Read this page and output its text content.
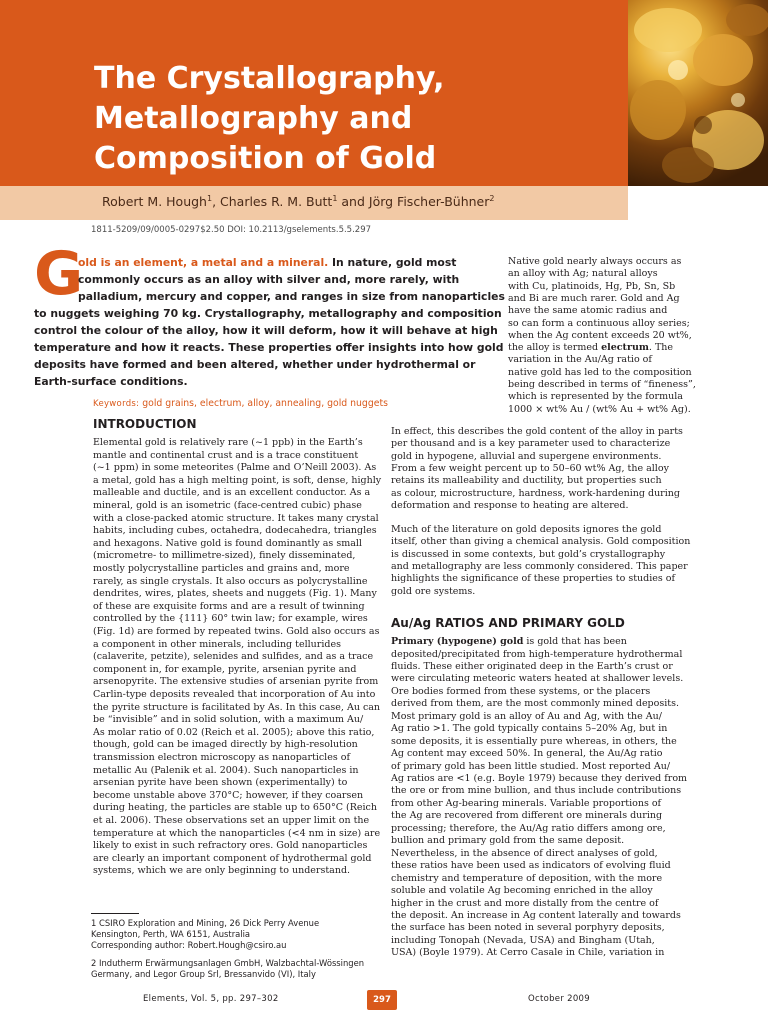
The Crystallography,
Metallography and
Composition of Gold
Robert M. Hough$^1$, Charles R. M. Butt$^1$ and Jörg Fischer-Bühner$^2$
1811-5209/09/0005-0297$2.50 DOI: 10.2113/gselements.5.5.297
G
old is an element, a metal and a mineral. In nature, gold most
commonly occurs as an alloy with silver and, more rarely, with
palladium, mercury and copper, and ranges in size from nanoparticles
to nuggets weighing 70 kg. Crystallography, metallography and composition
control the colour of the alloy, how it will deform, how it will behave at high
temperature and how it reacts. These properties offer insights into how gold
deposits have formed and been altered, whether under hydrothermal or
Earth-surface conditions.
Keywords: gold grains, electrum, alloy, annealing, gold nuggets
INTRODUCTION
Elemental gold is relatively rare (~1 ppb) in the Earth’s
mantle and continental crust and is a trace constituent
(~1 ppm) in some meteorites (Palme and O’Neill 2003). As
a metal, gold has a high melting point, is soft, dense, highly
malleable and ductile, and is an excellent conductor. As a
mineral, gold is an isometric (face-centred cubic) phase
with a close-packed atomic structure. It takes many crystal
habits, including cubes, octahedra, dodecahedra, triangles
and hexagons. Native gold is found dominantly as small
(micrometre- to millimetre-sized), finely disseminated,
mostly polycrystalline particles and grains and, more
rarely, as single crystals. It also occurs as polycrystalline
dendrites, wires, plates, sheets and nuggets (Fig. 1). Many
of these are exquisite forms and are a result of twinning
controlled by the {111} 60° twin law; for example, wires
(Fig. 1d) are formed by repeated twins. Gold also occurs as
a component in other minerals, including tellurides
(calaverite, petzite), selenides and sulfides, and as a trace
component in, for example, pyrite, arsenian pyrite and
arsenopyrite. The extensive studies of arsenian pyrite from
Carlin-type deposits revealed that incorporation of Au into
the pyrite structure is facilitated by As. In this case, Au can
be “invisible” and in solid solution, with a maximum Au/
As molar ratio of 0.02 (Reich et al. 2005); above this ratio,
though, gold can be imaged directly by high-resolution
transmission electron microscopy as nanoparticles of
metallic Au (Palenik et al. 2004). Such nanoparticles in
arsenian pyrite have been shown (experimentally) to
become unstable above 370°C; however, if they coarsen
during heating, the particles are stable up to 650°C (Reich
et al. 2006). These observations set an upper limit on the
temperature at which the nanoparticles (<4 nm in size) are
likely to exist in such refractory ores. Gold nanoparticles
are clearly an important component of hydrothermal gold
systems, which we are only beginning to understand.
Native gold nearly always occurs as
an alloy with Ag; natural alloys
with Cu, platinoids, Hg, Pb, Sn, Sb
and Bi are much rarer. Gold and Ag
have the same atomic radius and
so can form a continuous alloy series;
when the Ag content exceeds 20 wt%,
the alloy is termed electrum. The
variation in the Au/Ag ratio of
native gold has led to the composition
being described in terms of “fineness”,
which is represented by the formula
1000 × wt% Au / (wt% Au + wt% Ag).
In effect, this describes the gold content of the alloy in parts
per thousand and is a key parameter used to characterize
gold in hypogene, alluvial and supergene environments.
From a few weight percent up to 50–60 wt% Ag, the alloy
retains its malleability and ductility, but properties such
as colour, microstructure, hardness, work-hardening during
deformation and response to heating are altered.
Much of the literature on gold deposits ignores the gold
itself, other than giving a chemical analysis. Gold composition
is discussed in some contexts, but gold’s crystallography
and metallography are less commonly considered. This paper
highlights the significance of these properties to studies of
gold ore systems.
Au/Ag RATIOS AND PRIMARY GOLD
Primary (hypogene) gold is gold that has been
deposited/precipitated from high-temperature hydrothermal
fluids. These either originated deep in the Earth’s crust or
were circulating meteoric waters heated at shallower levels.
Ore bodies formed from these systems, or the placers
derived from them, are the most commonly mined deposits.
Most primary gold is an alloy of Au and Ag, with the Au/
Ag ratio >1. The gold typically contains 5–20% Ag, but in
some deposits, it is essentially pure whereas, in others, the
Ag content may exceed 50%. In general, the Au/Ag ratio
of primary gold has been little studied. Most reported Au/
Ag ratios are <1 (e.g. Boyle 1979) because they derived from
the ore or from mine bullion, and thus include contributions
from other Ag-bearing minerals. Variable proportions of
the Ag are recovered from different ore minerals during
processing; therefore, the Au/Ag ratio differs among ore,
bullion and primary gold from the same deposit.
Nevertheless, in the absence of direct analyses of gold,
these ratios have been used as indicators of evolving fluid
chemistry and temperature of deposition, with the more
soluble and volatile Ag becoming enriched in the alloy
higher in the crust and more distally from the centre of
the deposit. An increase in Ag content laterally and towards
the surface has been noted in several porphyry deposits,
including Tonopah (Nevada, USA) and Bingham (Utah,
USA) (Boyle 1979). At Cerro Casale in Chile, variation in
1 CSIRO Exploration and Mining, 26 Dick Perry Avenue
Kensington, Perth, WA 6151, Australia
Corresponding author: Robert.Hough@csiro.au
2 Indutherm Erwärmungsanlagen GmbH, Walzbachtal-Wössingen
Germany, and Legor Group Srl, Bressanvido (VI), Italy
Elements, Vol. 5, pp. 297–302	297	October 2009
